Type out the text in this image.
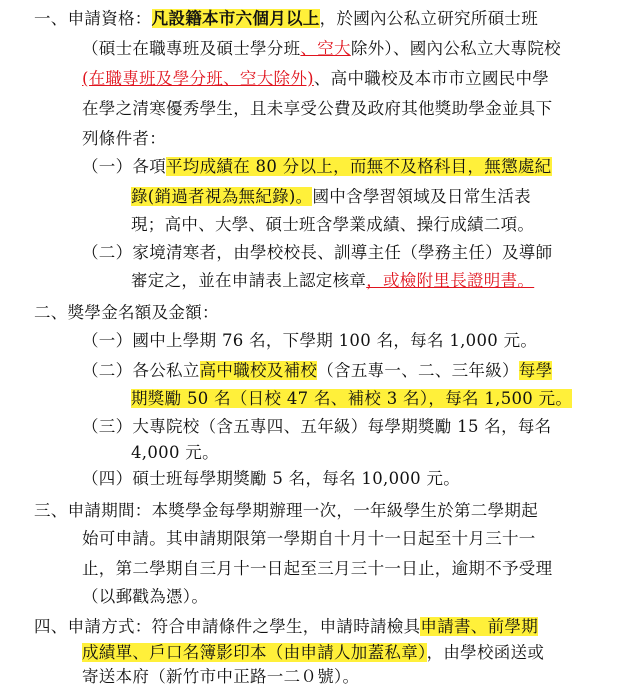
一、申請資格：凡設籍本市六個月以上，於國內公私立研究所碩士班
（碩士在職專班及碩士學分班、空大除外）、國內公私立大專院校
(在職專班及學分班、空大除外)、高中職校及本市市立國民中學
在學之清寒優秀學生，且未享受公費及政府其他獎助學金並具下
列條件者：
（一）各項平均成績在 80 分以上，而無不及格科目，無懲處紀
錄(銷過者視為無紀錄)。國中含學習領域及日常生活表
現；高中、大學、碩士班含學業成績、操行成績二項。
（二）家境清寒者，由學校校長、訓導主任（學務主任）及導師
審定之，並在申請表上認定核章，或檢附里長證明書。
二、獎學金名額及金額：
（一）國中上學期 76 名，下學期 100 名，每名 1,000 元。
（二）各公私立高中職校及補校（含五專一、二、三年級）每學
期獎勵 50 名（日校 47 名、補校 3 名），每名 1,500 元。
（三）大專院校（含五專四、五年級）每學期獎勵 15 名，每名
4,000 元。
（四）碩士班每學期獎勵 5 名，每名 10,000 元。
三、申請期間：本獎學金每學期辦理一次，一年級學生於第二學期起
始可申請。其申請期限第一學期自十月十一日起至十月三十一
止，第二學期自三月十一日起至三月三十一日止，逾期不予受理
（以郵戳為憑）。
四、申請方式：符合申請條件之學生，申請時請檢具申請書、前學期
成績單、戶口名簿影印本（由申請人加蓋私章），由學校函送或
寄送本府（新竹市中正路一二０號）。
